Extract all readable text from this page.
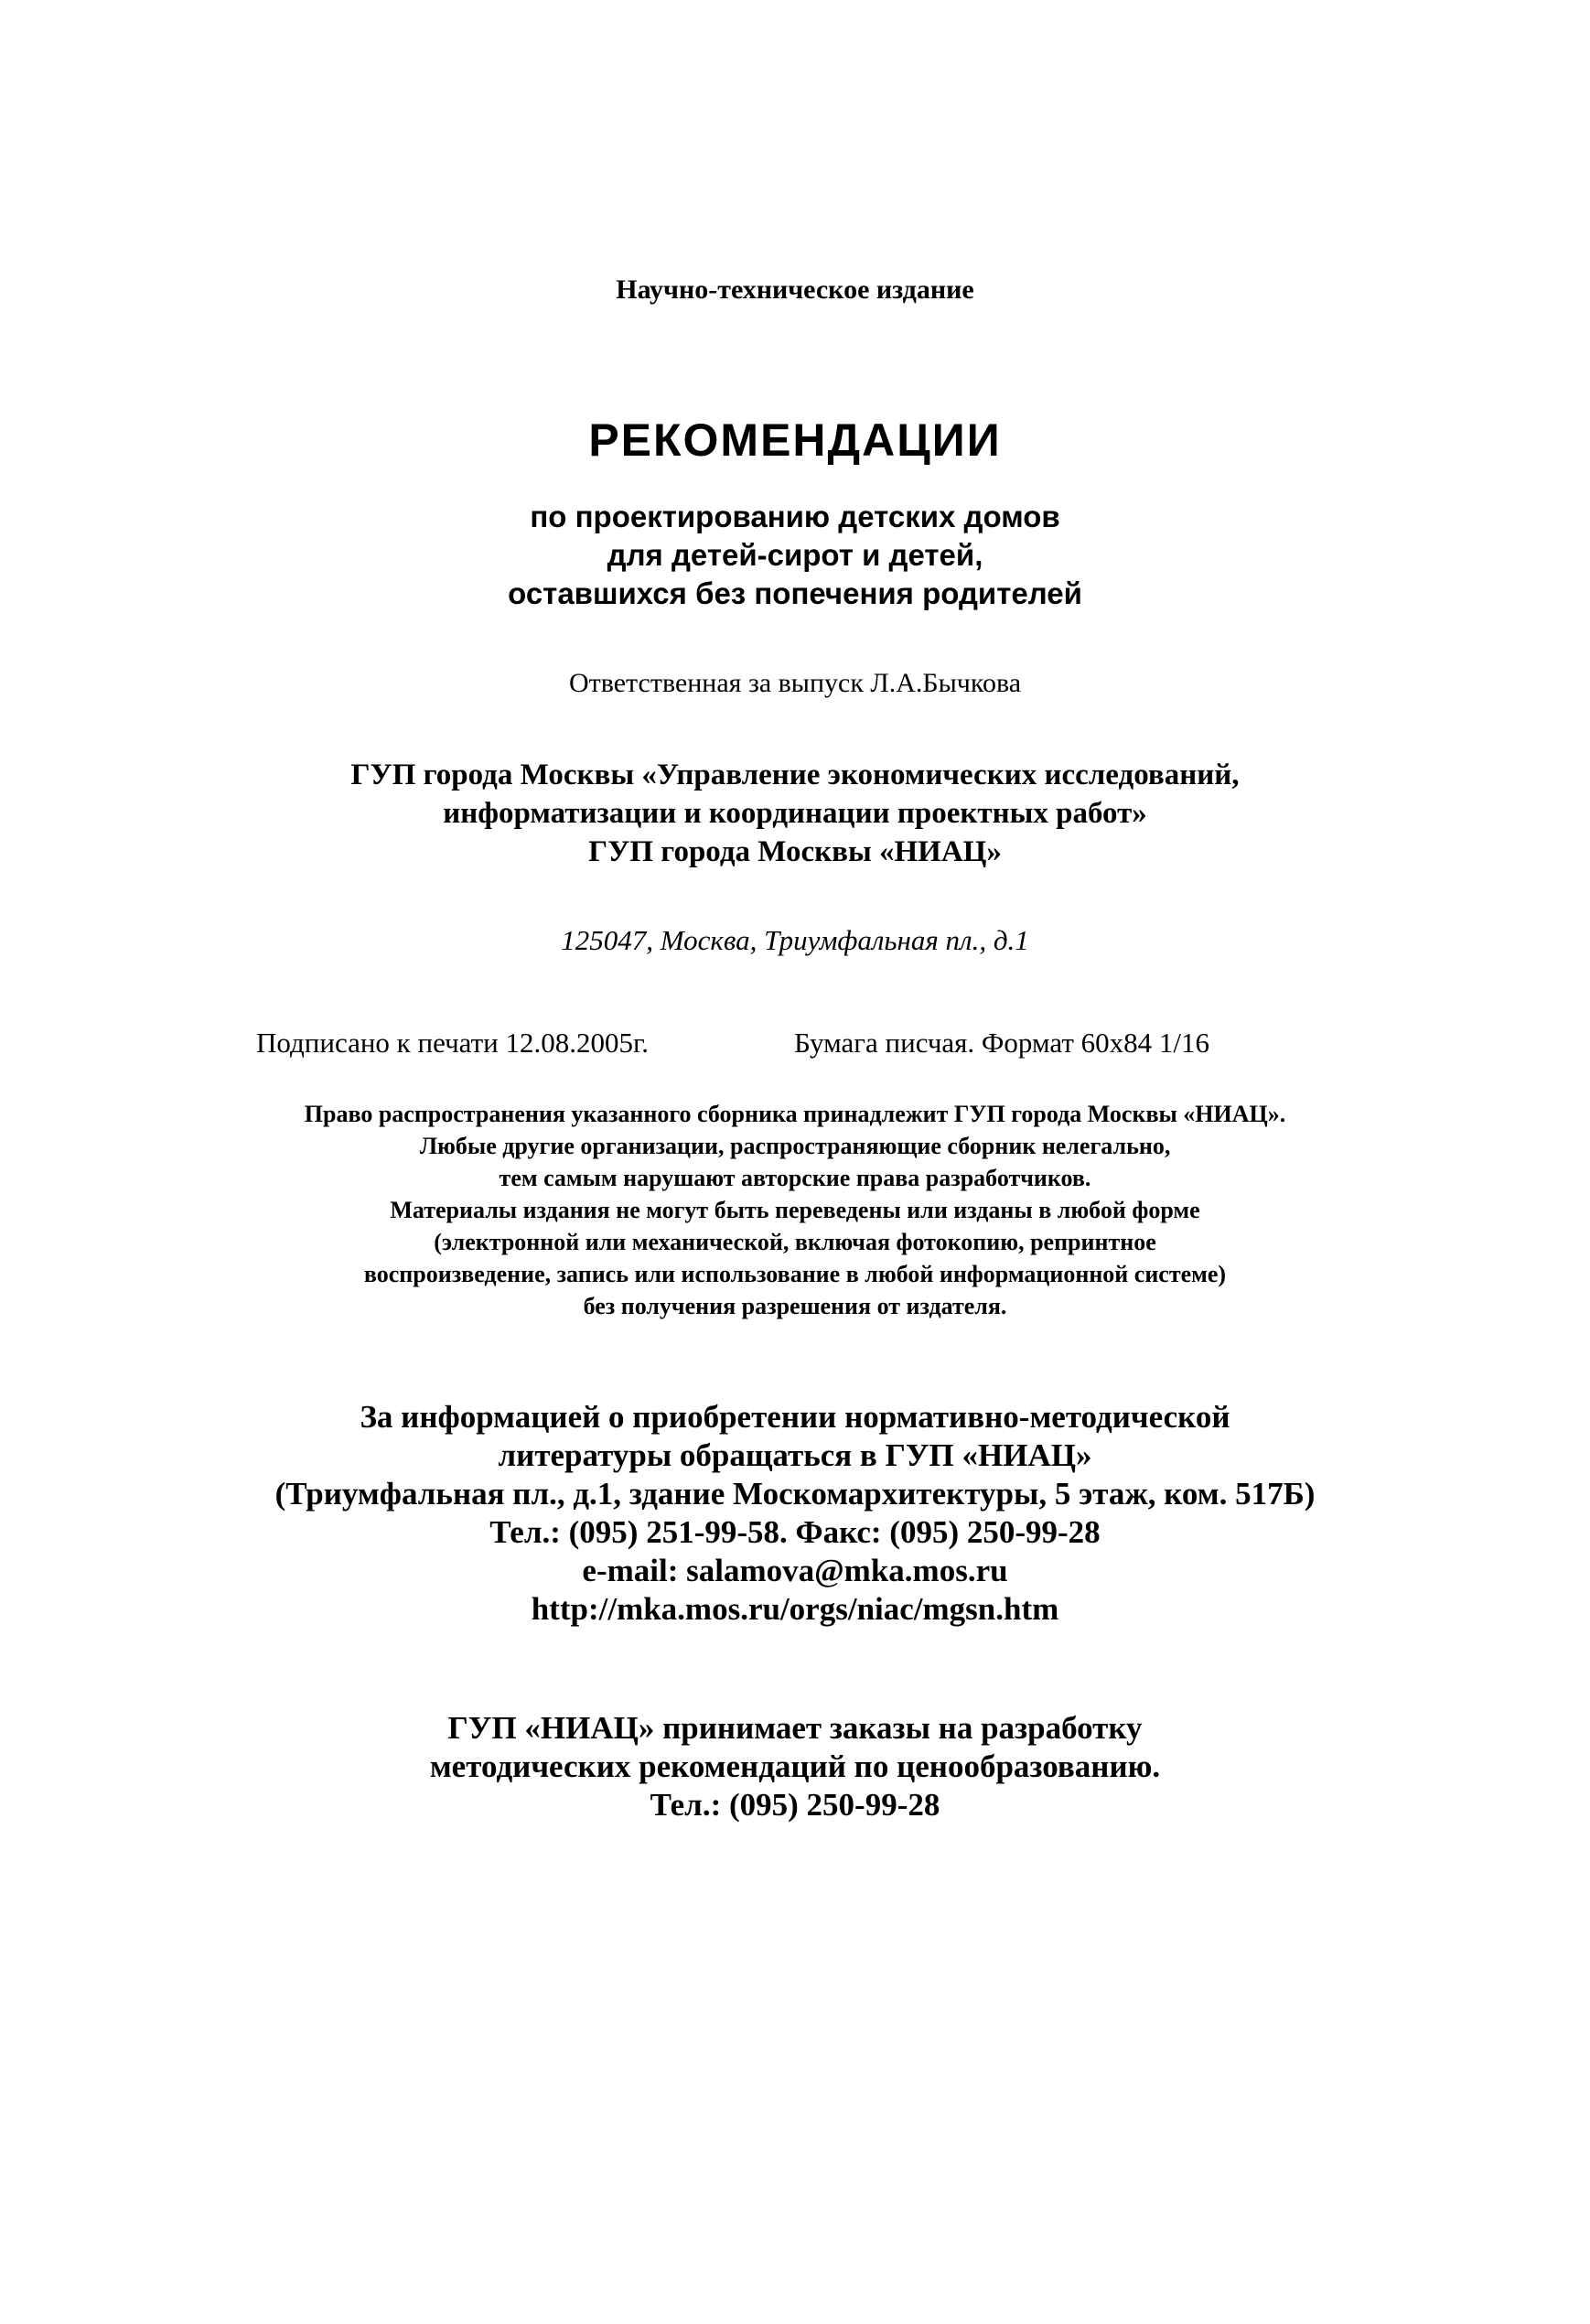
Научно-техническое издание
РЕКОМЕНДАЦИИ
по проектированию детских домов
для детей-сирот и детей,
оставшихся без попечения родителей
Ответственная за выпуск Л.А.Бычкова
ГУП города Москвы «Управление экономических исследований,
информатизации и координации проектных работ»
ГУП города Москвы «НИАЦ»
125047, Москва, Триумфальная пл., д.1
Подписано к печати 12.08.2005г.	Бумага писчая. Формат 60х84 1/16
Право распространения указанного сборника принадлежит ГУП города Москвы «НИАЦ».
Любые другие организации, распространяющие сборник нелегально,
тем самым нарушают авторские права разработчиков.
Материалы издания не могут быть переведены или изданы в любой форме
(электронной или механической, включая фотокопию, репринтное
воспроизведение, запись или использование в любой информационной системе)
без получения разрешения от издателя.
За информацией о приобретении нормативно-методической
литературы обращаться в ГУП «НИАЦ»
(Триумфальная пл., д.1, здание Москомархитектуры, 5 этаж, ком. 517Б)
Тел.: (095) 251-99-58. Факс: (095) 250-99-28
e-mail: salamova@mka.mos.ru
http://mka.mos.ru/orgs/niac/mgsn.htm
ГУП «НИАЦ» принимает заказы на разработку
методических рекомендаций по ценообразованию.
Тел.: (095) 250-99-28
